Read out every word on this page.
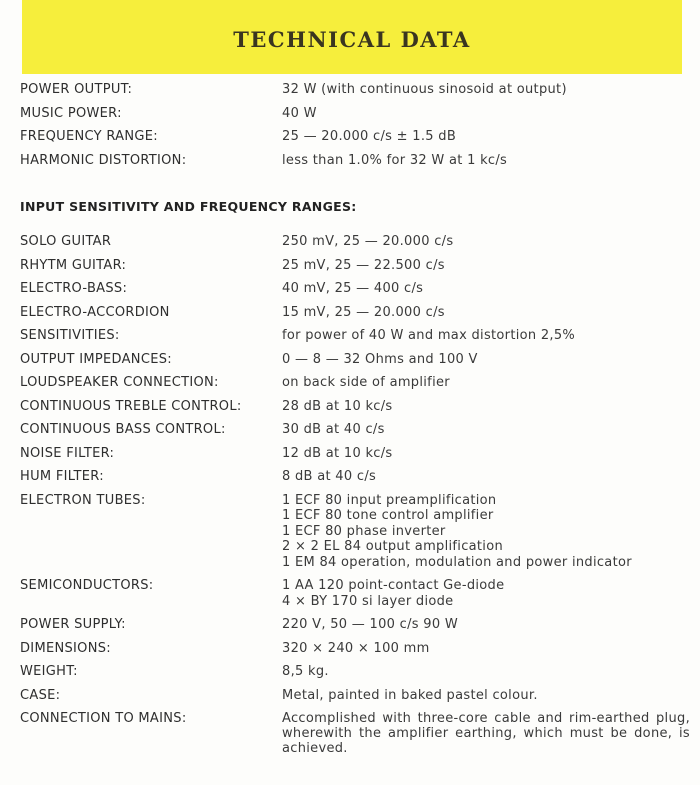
TECHNICAL DATA
POWER OUTPUT:	32 W (with continuous sinosoid at output)
MUSIC POWER:	40 W
FREQUENCY RANGE:	25 — 20.000 c/s ± 1.5 dB
HARMONIC DISTORTION:	less than 1.0% for 32 W at 1 kc/s
INPUT SENSITIVITY AND FREQUENCY RANGES:
SOLO GUITAR	250 mV, 25 — 20.000 c/s
RHYTM GUITAR:	25 mV, 25 — 22.500 c/s
ELECTRO-BASS:	40 mV, 25 — 400 c/s
ELECTRO-ACCORDION	15 mV, 25 — 20.000 c/s
SENSITIVITIES:	for power of 40 W and max distortion 2,5%
OUTPUT IMPEDANCES:	0 — 8 — 32 Ohms and 100 V
LOUDSPEAKER CONNECTION:	on back side of amplifier
CONTINUOUS TREBLE CONTROL:	28 dB at 10 kc/s
CONTINUOUS BASS CONTROL:	30 dB at 40 c/s
NOISE FILTER:	12 dB at 10 kc/s
HUM FILTER:	8 dB at 40 c/s
ELECTRON TUBES:	1 ECF 80 input preamplification
1 ECF 80 tone control amplifier
1 ECF 80 phase inverter
2 × 2 EL 84 output amplification
1 EM 84 operation, modulation and power indicator
SEMICONDUCTORS:	1 AA 120 point-contact Ge-diode
4 × BY 170 si layer diode
POWER SUPPLY:	220 V, 50 — 100 c/s 90 W
DIMENSIONS:	320 × 240 × 100 mm
WEIGHT:	8,5 kg.
CASE:	Metal, painted in baked pastel colour.
CONNECTION TO MAINS:	Accomplished with three-core cable and rim-earthed plug, wherewith the amplifier earthing, which must be done, is achieved.
